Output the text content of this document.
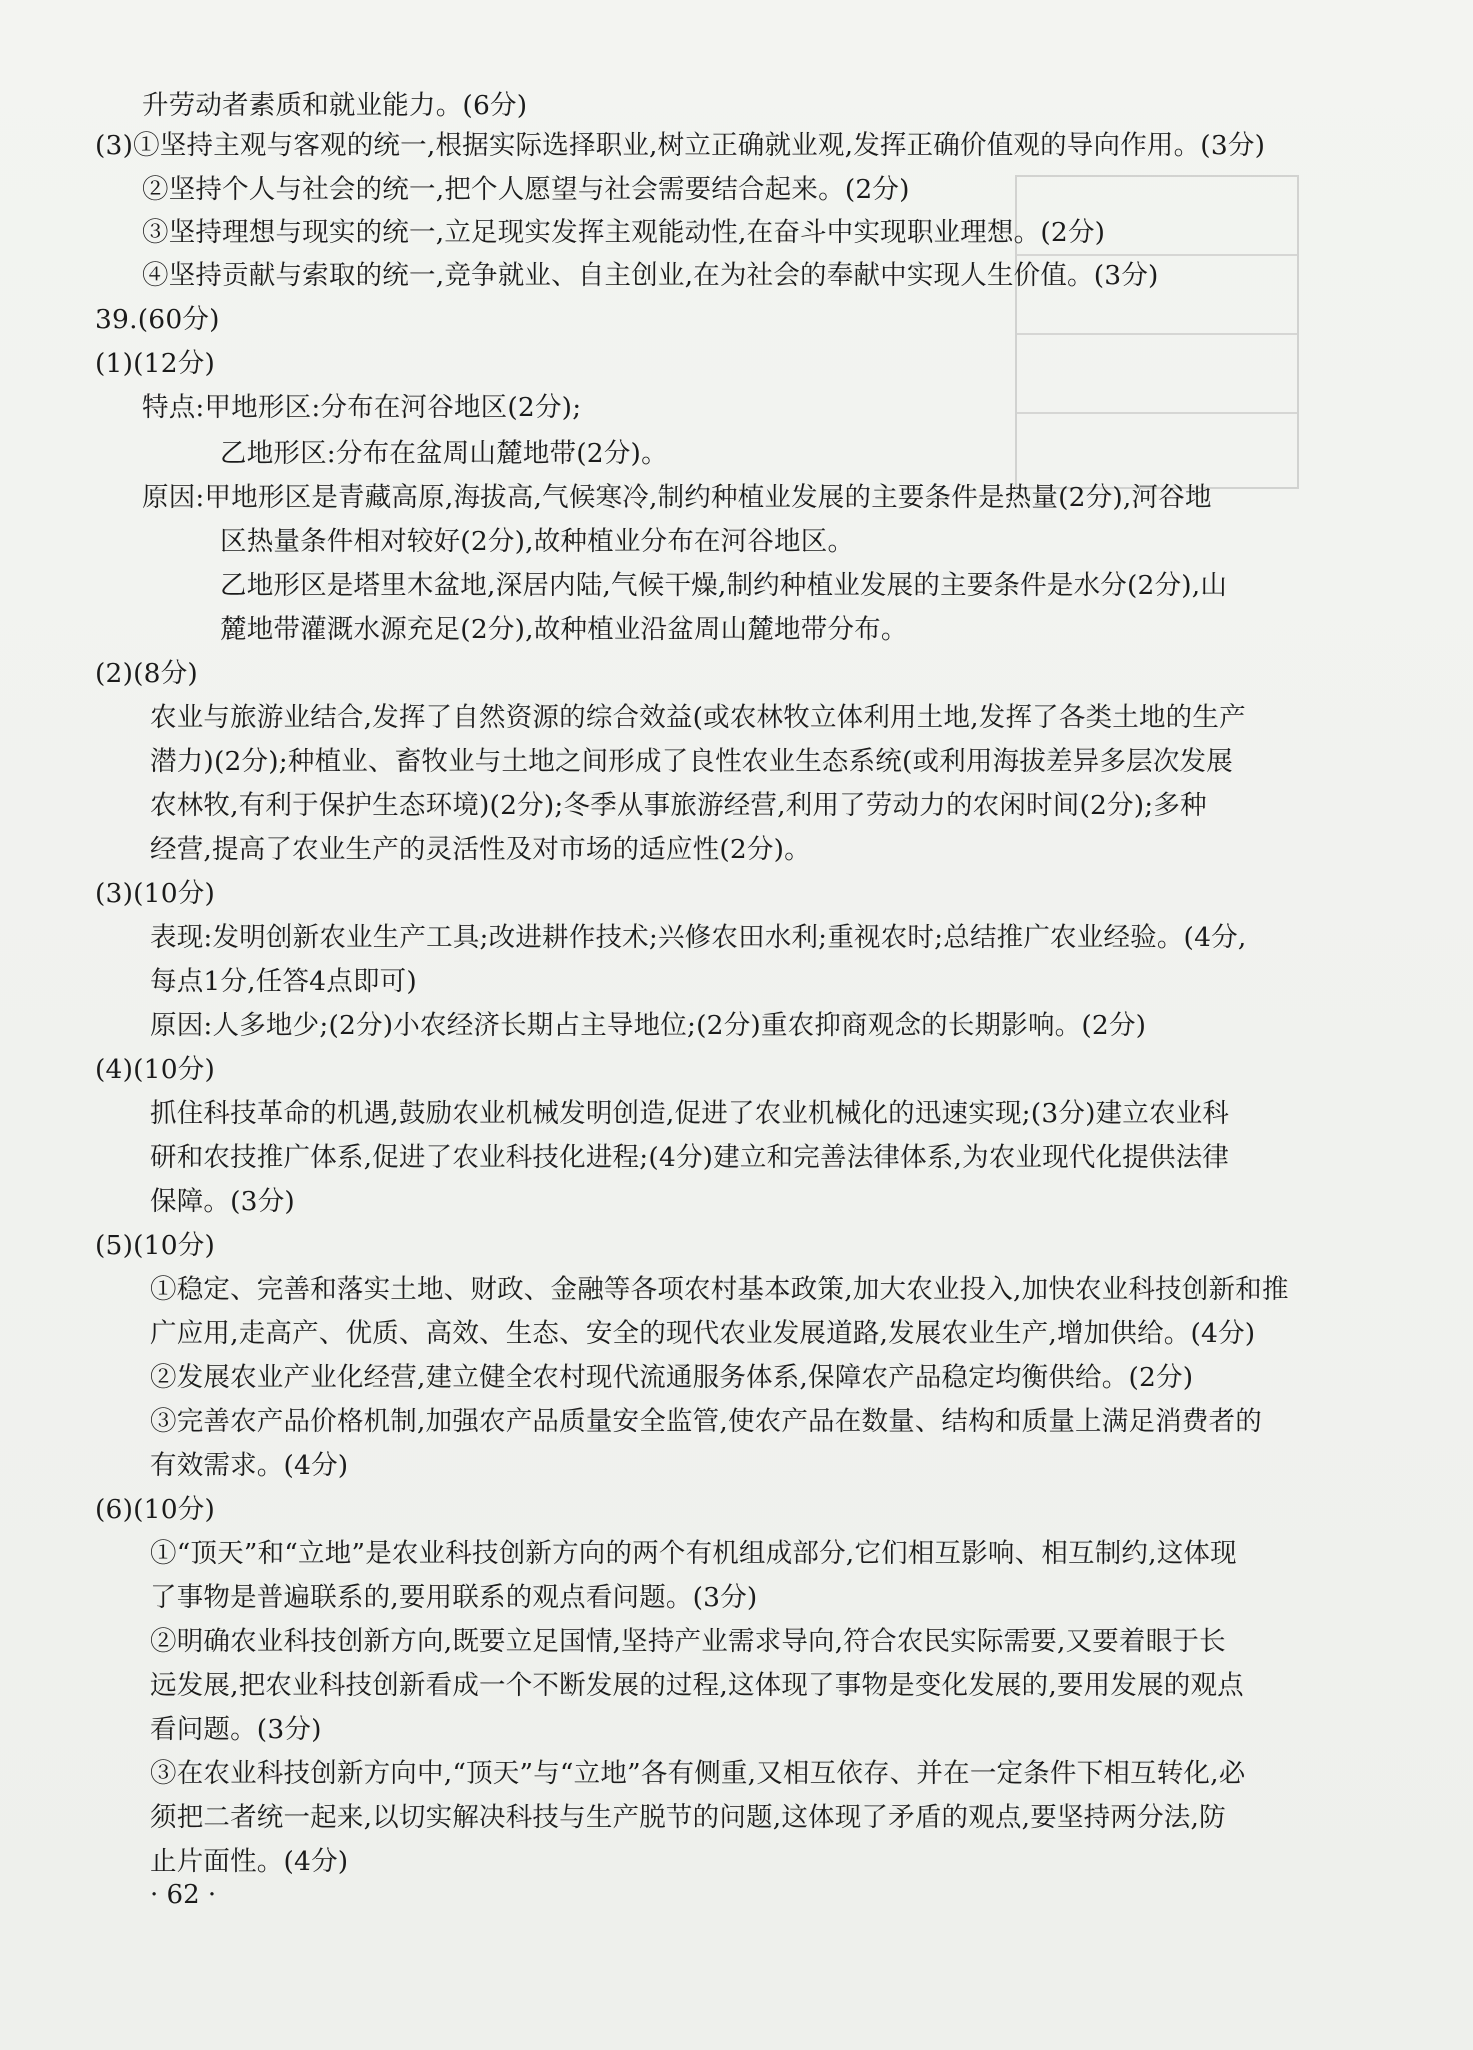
升劳动者素质和就业能力。(6分)
(3)①坚持主观与客观的统一,根据实际选择职业,树立正确就业观,发挥正确价值观的导向作用。(3分)
②坚持个人与社会的统一,把个人愿望与社会需要结合起来。(2分)
③坚持理想与现实的统一,立足现实发挥主观能动性,在奋斗中实现职业理想。(2分)
④坚持贡献与索取的统一,竞争就业、自主创业,在为社会的奉献中实现人生价值。(3分)
39.(60分)
(1)(12分)
特点:甲地形区:分布在河谷地区(2分);
乙地形区:分布在盆周山麓地带(2分)。
原因:甲地形区是青藏高原,海拔高,气候寒冷,制约种植业发展的主要条件是热量(2分),河谷地
区热量条件相对较好(2分),故种植业分布在河谷地区。
乙地形区是塔里木盆地,深居内陆,气候干燥,制约种植业发展的主要条件是水分(2分),山
麓地带灌溉水源充足(2分),故种植业沿盆周山麓地带分布。
(2)(8分)
农业与旅游业结合,发挥了自然资源的综合效益(或农林牧立体利用土地,发挥了各类土地的生产
潜力)(2分);种植业、畜牧业与土地之间形成了良性农业生态系统(或利用海拔差异多层次发展
农林牧,有利于保护生态环境)(2分);冬季从事旅游经营,利用了劳动力的农闲时间(2分);多种
经营,提高了农业生产的灵活性及对市场的适应性(2分)。
(3)(10分)
表现:发明创新农业生产工具;改进耕作技术;兴修农田水利;重视农时;总结推广农业经验。(4分,
每点1分,任答4点即可)
原因:人多地少;(2分)小农经济长期占主导地位;(2分)重农抑商观念的长期影响。(2分)
(4)(10分)
抓住科技革命的机遇,鼓励农业机械发明创造,促进了农业机械化的迅速实现;(3分)建立农业科
研和农技推广体系,促进了农业科技化进程;(4分)建立和完善法律体系,为农业现代化提供法律
保障。(3分)
(5)(10分)
①稳定、完善和落实土地、财政、金融等各项农村基本政策,加大农业投入,加快农业科技创新和推
广应用,走高产、优质、高效、生态、安全的现代农业发展道路,发展农业生产,增加供给。(4分)
②发展农业产业化经营,建立健全农村现代流通服务体系,保障农产品稳定均衡供给。(2分)
③完善农产品价格机制,加强农产品质量安全监管,使农产品在数量、结构和质量上满足消费者的
有效需求。(4分)
(6)(10分)
①“顶天”和“立地”是农业科技创新方向的两个有机组成部分,它们相互影响、相互制约,这体现
了事物是普遍联系的,要用联系的观点看问题。(3分)
②明确农业科技创新方向,既要立足国情,坚持产业需求导向,符合农民实际需要,又要着眼于长
远发展,把农业科技创新看成一个不断发展的过程,这体现了事物是变化发展的,要用发展的观点
看问题。(3分)
③在农业科技创新方向中,“顶天”与“立地”各有侧重,又相互依存、并在一定条件下相互转化,必
须把二者统一起来,以切实解决科技与生产脱节的问题,这体现了矛盾的观点,要坚持两分法,防
止片面性。(4分)
· 62 ·
